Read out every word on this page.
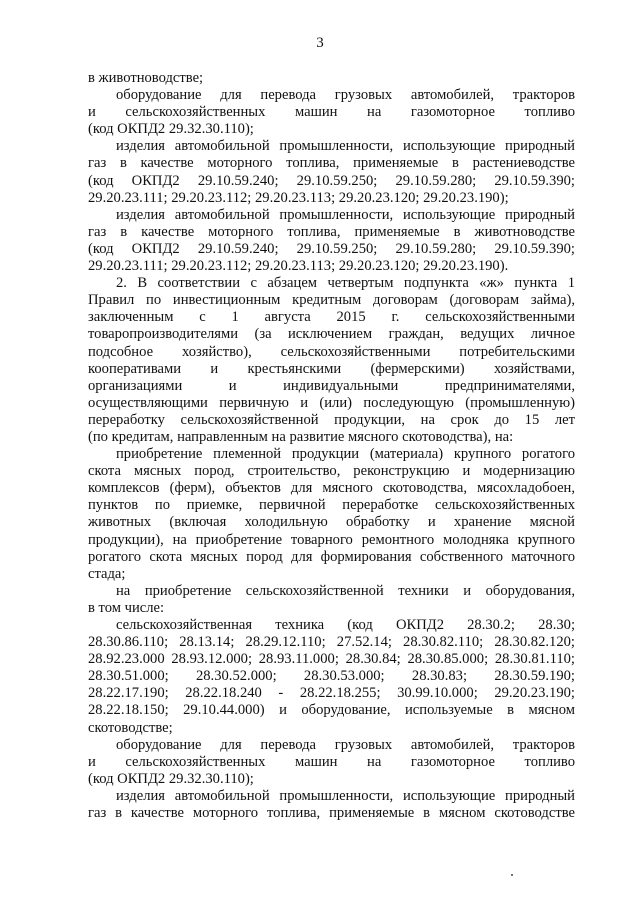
3
в животноводстве;
оборудование для перевода грузовых автомобилей, тракторов
и сельскохозяйственных машин на газомоторное топливо
(код ОКПД2 29.32.30.110);
изделия автомобильной промышленности, использующие природный
газ в качестве моторного топлива, применяемые в растениеводстве
(код ОКПД2 29.10.59.240; 29.10.59.250; 29.10.59.280; 29.10.59.390;
29.20.23.111; 29.20.23.112; 29.20.23.113; 29.20.23.120; 29.20.23.190);
изделия автомобильной промышленности, использующие природный
газ в качестве моторного топлива, применяемые в животноводстве
(код ОКПД2 29.10.59.240; 29.10.59.250; 29.10.59.280; 29.10.59.390;
29.20.23.111; 29.20.23.112; 29.20.23.113; 29.20.23.120; 29.20.23.190).
2. В соответствии с абзацем четвертым подпункта «ж» пункта 1
Правил по инвестиционным кредитным договорам (договорам займа),
заключенным с 1 августа 2015 г. сельскохозяйственными
товаропроизводителями (за исключением граждан, ведущих личное
подсобное хозяйство), сельскохозяйственными потребительскими
кооперативами и крестьянскими (фермерскими) хозяйствами,
организациями и индивидуальными предпринимателями,
осуществляющими первичную и (или) последующую (промышленную)
переработку сельскохозяйственной продукции, на срок до 15 лет
(по кредитам, направленным на развитие мясного скотоводства), на:
приобретение племенной продукции (материала) крупного рогатого
скота мясных пород, строительство, реконструкцию и модернизацию
комплексов (ферм), объектов для мясного скотоводства, мясохладобоен,
пунктов по приемке, первичной переработке сельскохозяйственных
животных (включая холодильную обработку и хранение мясной
продукции), на приобретение товарного ремонтного молодняка крупного
рогатого скота мясных пород для формирования собственного маточного
стада;
на приобретение сельскохозяйственной техники и оборудования,
в том числе:
сельскохозяйственная техника (код ОКПД2 28.30.2; 28.30;
28.30.86.110; 28.13.14; 28.29.12.110; 27.52.14; 28.30.82.110; 28.30.82.120;
28.92.23.000 28.93.12.000; 28.93.11.000; 28.30.84; 28.30.85.000; 28.30.81.110;
28.30.51.000; 28.30.52.000; 28.30.53.000; 28.30.83; 28.30.59.190;
28.22.17.190; 28.22.18.240 - 28.22.18.255; 30.99.10.000; 29.20.23.190;
28.22.18.150; 29.10.44.000) и оборудование, используемые в мясном
скотоводстве;
оборудование для перевода грузовых автомобилей, тракторов
и сельскохозяйственных машин на газомоторное топливо
(код ОКПД2 29.32.30.110);
изделия автомобильной промышленности, использующие природный
газ в качестве моторного топлива, применяемые в мясном скотоводстве
